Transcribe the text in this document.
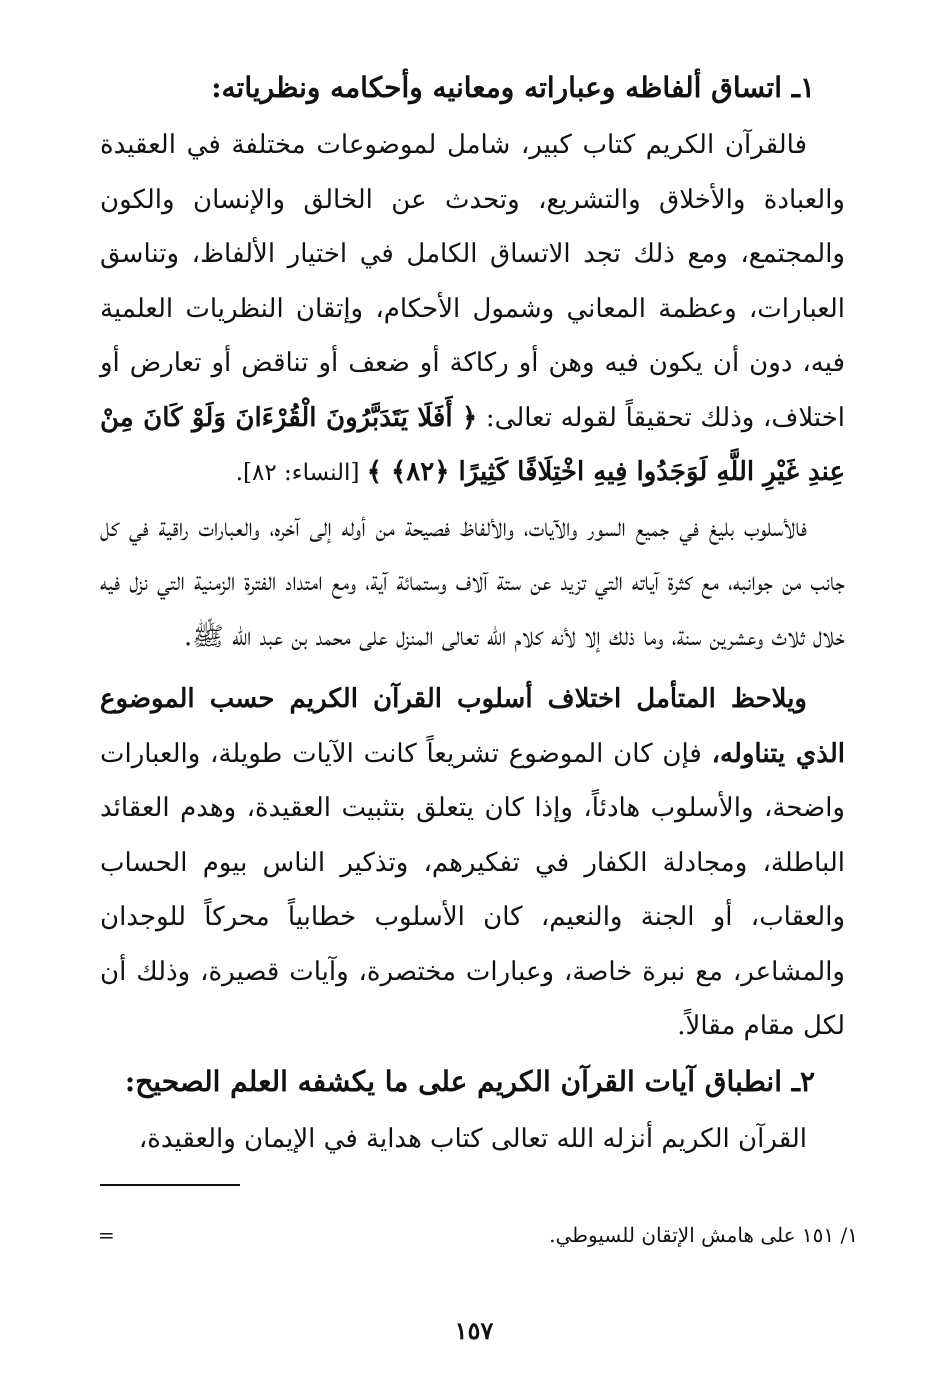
١ـ اتساق ألفاظه وعباراته ومعانيه وأحكامه ونظرياته:

فالقرآن الكريم كتاب كبير، شامل لموضوعات مختلفة في العقيدة والعبادة والأخلاق والتشريع، وتحدث عن الخالق والإنسان والكون والمجتمع، ومع ذلك تجد الاتساق الكامل في اختيار الألفاظ، وتناسق العبارات، وعظمة المعاني وشمول الأحكام، وإتقان النظريات العلمية فيه، دون أن يكون فيه وهن أو ركاكة أو ضعف أو تناقض أو تعارض أو اختلاف، وذلك تحقيقاً لقوله تعالى: ﴿ أَفَلَا يَتَدَبَّرُونَ الْقُرْءَانَ وَلَوْ كَانَ مِنْ عِندِ غَيْرِ اللَّهِ لَوَجَدُوا فِيهِ اخْتِلَافًا كَثِيرًا ﴿٨٢﴾ ﴾ [النساء: ٨٢].

فالأسلوب بليغ في جميع السور والآيات، والألفاظ فصيحة من أوله إلى آخره، والعبارات راقية في كل جانب من جوانبه، مع كثرة آياته التي تزيد عن ستة آلاف وستمائة آية، ومع امتداد الفترة الزمنية التي نزل فيه خلال ثلاث وعشرين سنة، وما ذلك إلا لأنه كلام الله تعالى المنزل على محمد بن عبد الله ﷺ.

ويلاحظ المتأمل اختلاف أسلوب القرآن الكريم حسب الموضوع الذي يتناوله، فإن كان الموضوع تشريعاً كانت الآيات طويلة، والعبارات واضحة، والأسلوب هادئاً، وإذا كان يتعلق بتثبيت العقيدة، وهدم العقائد الباطلة، ومجادلة الكفار في تفكيرهم، وتذكير الناس بيوم الحساب والعقاب، أو الجنة والنعيم، كان الأسلوب خطابياً محركاً للوجدان والمشاعر، مع نبرة خاصة، وعبارات مختصرة، وآيات قصيرة، وذلك أن لكل مقام مقالاً.

٢ـ انطباق آيات القرآن الكريم على ما يكشفه العلم الصحيح:

القرآن الكريم أنزله الله تعالى كتاب هداية في الإيمان والعقيدة،

١/ ١٥١ على هامش الإتقان للسيوطي.
=
١٥٧
